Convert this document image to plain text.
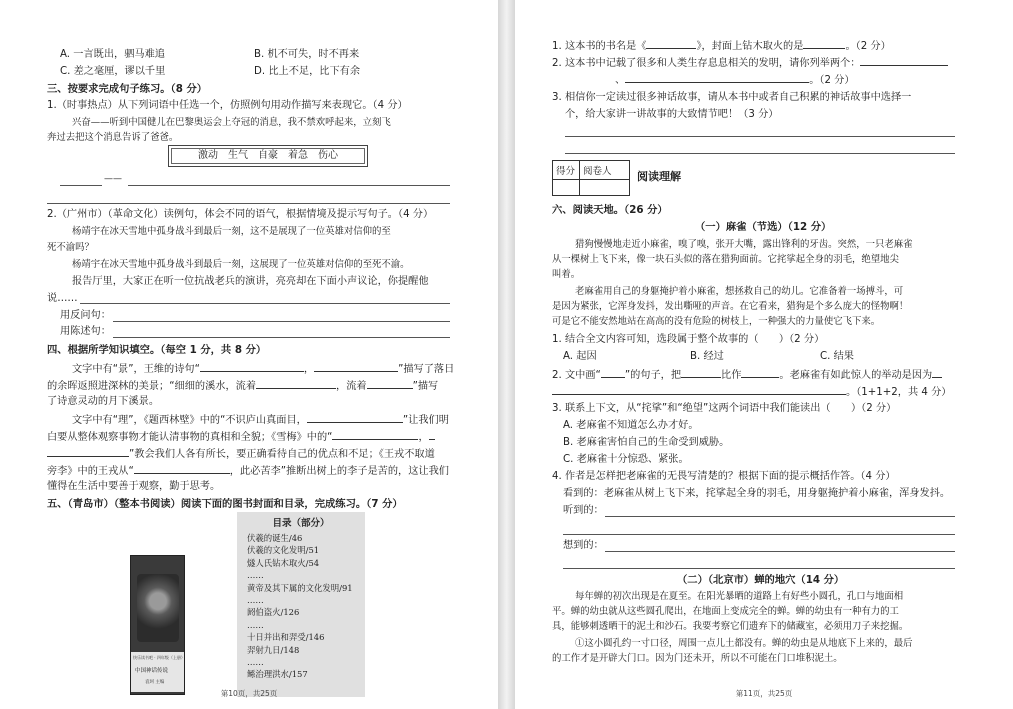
A. 一言既出，驷马难追	B. 机不可失，时不再来
C. 差之毫厘，谬以千里	D. 比上不足，比下有余
三、按要求完成句子练习。（8 分）
1.（时事热点）从下列词语中任选一个，仿照例句用动作描写来表现它。（4 分）
兴奋——听到中国健儿在巴黎奥运会上夺冠的消息，我不禁欢呼起来，立刻飞
奔过去把这个消息告诉了爸爸。
激动　生气　自豪　着急　伤心
——
2.（广州市）（革命文化）读例句，体会不同的语气，根据情境及提示写句子。（4 分）
杨靖宇在冰天雪地中孤身战斗到最后一刻，这不是展现了一位英雄对信仰的至
死不渝吗？
杨靖宇在冰天雪地中孤身战斗到最后一刻，这展现了一位英雄对信仰的至死不渝。
报告厅里，大家正在听一位抗战老兵的演讲，亮亮却在下面小声议论，你提醒他
说……
用反问句：
用陈述句：
四、根据所学知识填空。（每空 1 分，共 8 分）
文字中有“景”，王维的诗句“	，	”描写了落日
的余晖返照进深林的美景；“细细的溪水，流着	，流着	”描写
了诗意灵动的月下溪景。
文字中有“理”，《题西林壁》中的“不识庐山真面目，	”让我们明
白要从整体观察事物才能认清事物的真相和全貌；《雪梅》中的“	，
”教会我们人各有所长，要正确看待自己的优点和不足；《王戎不取道
旁李》中的王戎从“	，此必苦李”推断出树上的李子是苦的，这让我们
懂得在生活中要善于观察，勤于思考。
五、（青岛市）（整本书阅读）阅读下面的图书封面和目录，完成练习。（7 分）
快乐读书吧 · 四年级（上册）
中国神话传说
袁珂 主编
目录（部分）
伏羲的诞生/46
伏羲的文化发明/51
燧人氏钻木取火/54
……
黄帝及其下属的文化发明/91
……
阏伯盗火/126
……
十日并出和羿受/146
羿射九日/148
……
鲧治理洪水/157
第10页，共25页
1. 这本书的书名是《	》，封面上钻木取火的是	。（2 分）
2. 这本书中记载了很多和人类生存息息相关的发明，请你列举两个：
、	。（2 分）
3. 相信你一定读过很多神话故事，请从本书中或者自己积累的神话故事中选择一
个，给大家讲一讲故事的大致情节吧！（3 分）
得分 阅卷人 阅读理解
六、阅读天地。（26 分）
（一）麻雀（节选）（12 分）
猎狗慢慢地走近小麻雀，嗅了嗅，张开大嘴，露出锋利的牙齿。突然，一只老麻雀
从一棵树上飞下来，像一块石头似的落在猎狗面前。它挓挲起全身的羽毛，绝望地尖
叫着。
老麻雀用自己的身躯掩护着小麻雀，想拯救自己的幼儿。它准备着一场搏斗，可
是因为紧张，它浑身发抖，发出嘶哑的声音。在它看来，猎狗是个多么庞大的怪物啊！
可是它不能安然地站在高高的没有危险的树枝上，一种强大的力量使它飞下来。
1. 结合全文内容可知，选段属于整个故事的（　　）（2 分）
A. 起因	B. 经过	C. 结果
2. 文中画“ ”的句子，把	比作	。老麻雀有如此惊人的举动是因为
。（1+1+2，共 4 分）
3. 联系上下文，从“挓挲”和“绝望”这两个词语中我们能读出（　　）（2 分）
A. 老麻雀不知道怎么办才好。
B. 老麻雀害怕自己的生命受到威胁。
C. 老麻雀十分惊恐、紧张。
4. 作者是怎样把老麻雀的无畏写清楚的？根据下面的提示概括作答。（4 分）
看到的：老麻雀从树上飞下来，挓挲起全身的羽毛，用身躯掩护着小麻雀，浑身发抖。
听到的：
想到的：
（二）（北京市）蝉的地穴（14 分）
每年蝉的初次出现是在夏至。在阳光暴晒的道路上有好些小圆孔，孔口与地面相
平。蝉的幼虫就从这些圆孔爬出，在地面上变成完全的蝉。蝉的幼虫有一种有力的工
具，能够刺透晒干的泥土和沙石。我要考察它们遗弃下的储藏室，必须用刀子来挖掘。
①这小圆孔约一寸口径，周围一点儿土都没有。蝉的幼虫是从地底下上来的，最后
的工作才是开辟大门口。因为门还未开，所以不可能在门口堆积泥土。
第11页，共25页
